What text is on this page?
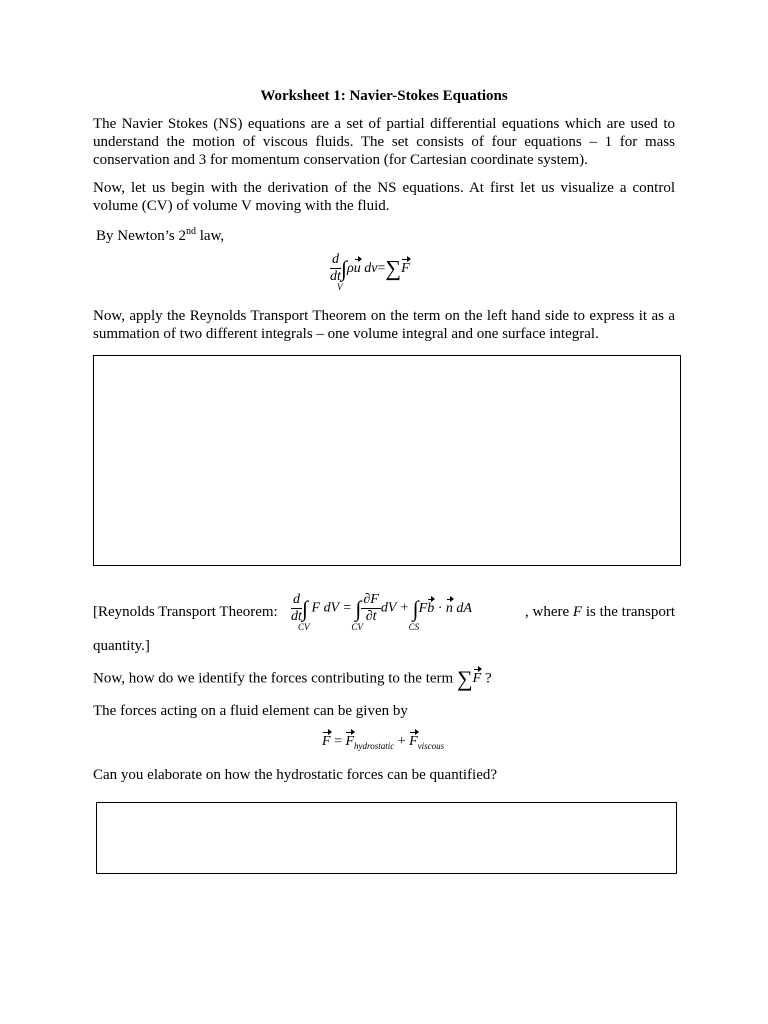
Worksheet 1: Navier-Stokes Equations
The Navier Stokes (NS) equations are a set of partial differential equations which are used to understand the motion of viscous fluids. The set consists of four equations – 1 for mass conservation and 3 for momentum conservation (for Cartesian coordinate system).
Now, let us begin with the derivation of the NS equations. At first let us visualize a control volume (CV) of volume V moving with the fluid.
By Newton’s 2nd law,
$\frac{d}{dt}$ ∫
V
ρu dv=∑F
Now, apply the Reynolds Transport Theorem on the term on the left hand side to express it as a summation of two different integrals – one volume integral and one surface integral.
[Reynolds Transport Theorem: $\frac{d}{dt}$ ∫
CV
F dV = ∫
CV
$\frac{\partial F}{\partial t}$ dV + ∫
CS
Fb · n dA	, where F is the transport
quantity.]
Now, how do we identify the forces contributing to the term ∑F ?
The forces acting on a fluid element can be given by
$F = F_{hydrostatic} + F_{viscous}$
Can you elaborate on how the hydrostatic forces can be quantified?
